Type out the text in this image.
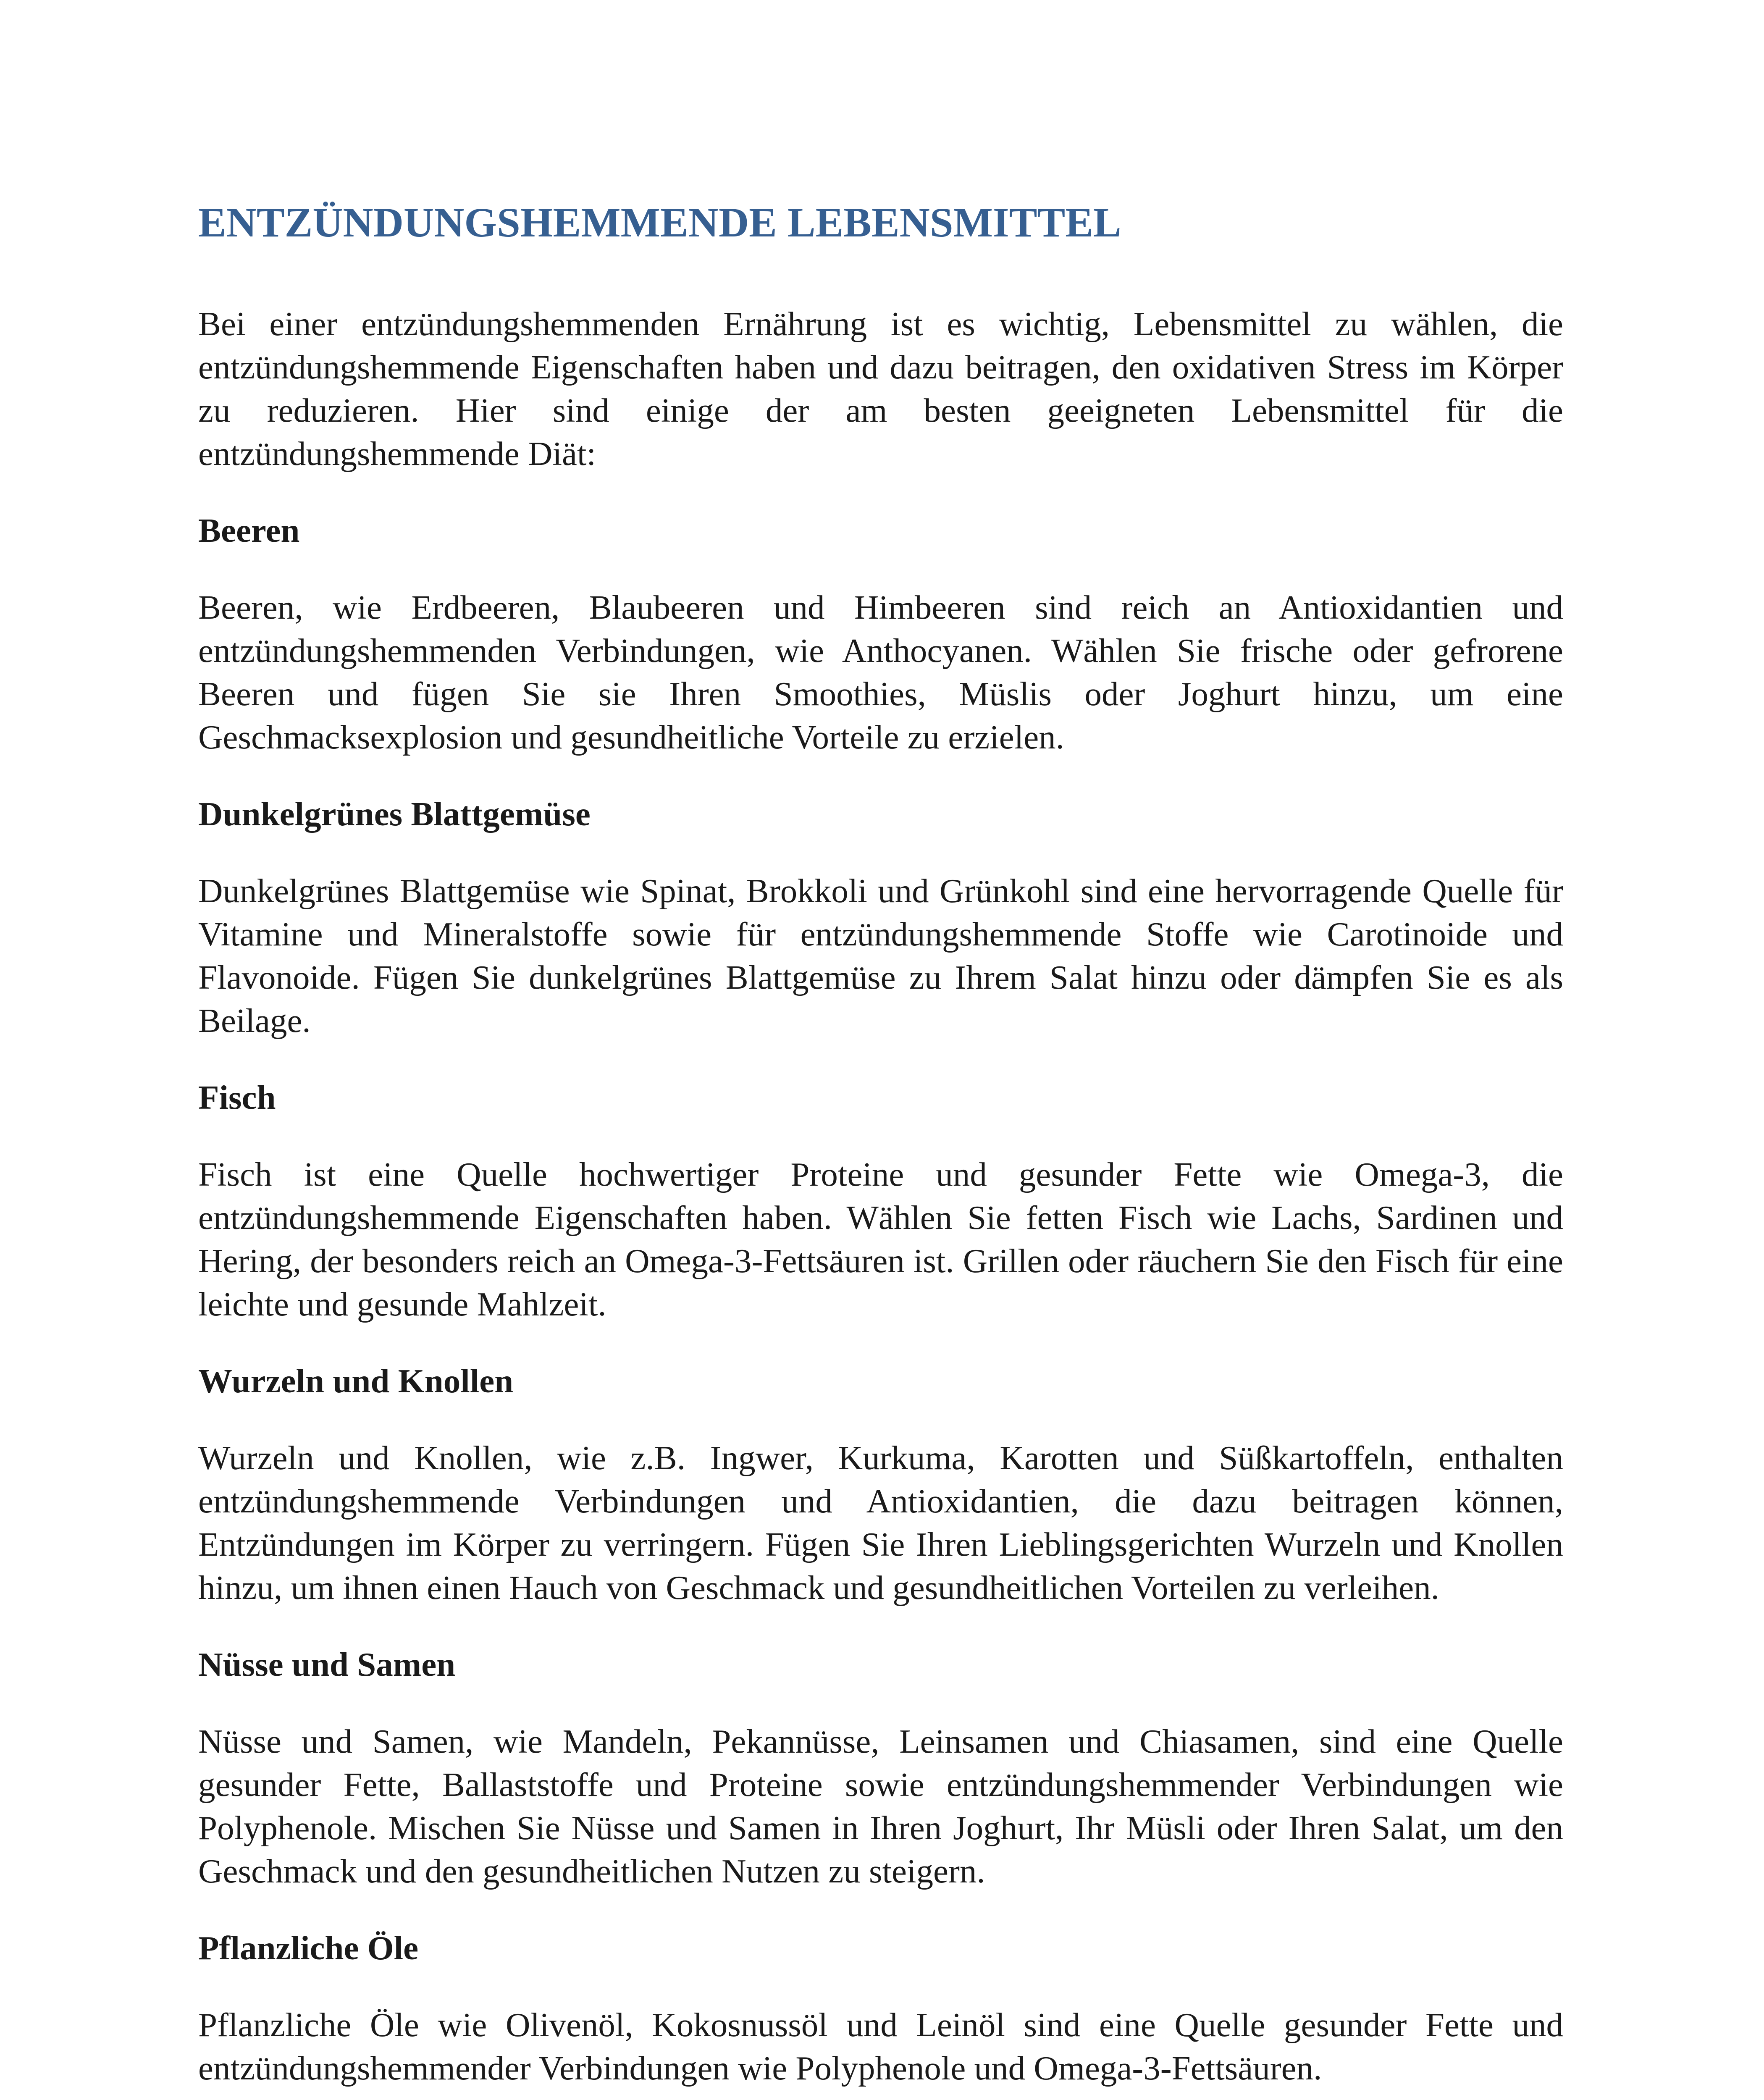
ENTZÜNDUNGSHEMMENDE LEBENSMITTEL

Bei einer entzündungshemmenden Ernährung ist es wichtig, Lebensmittel zu wählen, die entzündungshemmende Eigenschaften haben und dazu beitragen, den oxidativen Stress im Körper zu reduzieren. Hier sind einige der am besten geeigneten Lebensmittel für die entzündungshemmende Diät:

Beeren

Beeren, wie Erdbeeren, Blaubeeren und Himbeeren sind reich an Antioxidantien und entzündungshemmenden Verbindungen, wie Anthocyanen. Wählen Sie frische oder gefrorene Beeren und fügen Sie sie Ihren Smoothies, Müslis oder Joghurt hinzu, um eine Geschmacksexplosion und gesundheitliche Vorteile zu erzielen.

Dunkelgrünes Blattgemüse

Dunkelgrünes Blattgemüse wie Spinat, Brokkoli und Grünkohl sind eine hervorragende Quelle für Vitamine und Mineralstoffe sowie für entzündungshemmende Stoffe wie Carotinoide und Flavonoide. Fügen Sie dunkelgrünes Blattgemüse zu Ihrem Salat hinzu oder dämpfen Sie es als Beilage.

Fisch

Fisch ist eine Quelle hochwertiger Proteine und gesunder Fette wie Omega-3, die entzündungshemmende Eigenschaften haben. Wählen Sie fetten Fisch wie Lachs, Sardinen und Hering, der besonders reich an Omega-3-Fettsäuren ist. Grillen oder räuchern Sie den Fisch für eine leichte und gesunde Mahlzeit.

Wurzeln und Knollen

Wurzeln und Knollen, wie z.B. Ingwer, Kurkuma, Karotten und Süßkartoffeln, enthalten entzündungshemmende Verbindungen und Antioxidantien, die dazu beitragen können, Entzündungen im Körper zu verringern. Fügen Sie Ihren Lieblingsgerichten Wurzeln und Knollen hinzu, um ihnen einen Hauch von Geschmack und gesundheitlichen Vorteilen zu verleihen.

Nüsse und Samen

Nüsse und Samen, wie Mandeln, Pekannüsse, Leinsamen und Chiasamen, sind eine Quelle gesunder Fette, Ballaststoffe und Proteine sowie entzündungshemmender Verbindungen wie Polyphenole. Mischen Sie Nüsse und Samen in Ihren Joghurt, Ihr Müsli oder Ihren Salat, um den Geschmack und den gesundheitlichen Nutzen zu steigern.

Pflanzliche Öle

Pflanzliche Öle wie Olivenöl, Kokosnussöl und Leinöl sind eine Quelle gesunder Fette und entzündungshemmender Verbindungen wie Polyphenole und Omega-3-Fettsäuren.
